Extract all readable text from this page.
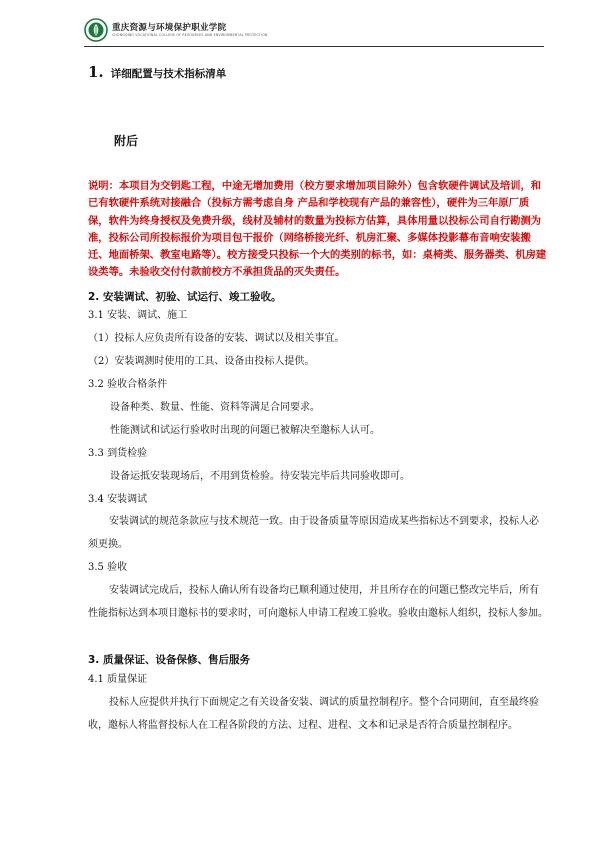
重庆资源与环境保护职业学院
CHONGQING VOCATIONAL COLLEGE OF RESOURCES AND ENVIRONMENTAL PROTECTION
1. 详细配置与技术指标清单
附后
说明：本项目为交钥匙工程，中途无增加费用（校方要求增加项目除外）包含软硬件调试及培训，和已有软硬件系统对接融合（投标方需考虑自身 产品和学校现有产品的兼容性），硬件为三年原厂质保，软件为终身授权及免费升级，线材及辅材的数量为投标方估算，具体用量以投标公司自行勘测为准，投标公司所投标报价为项目包干报价（网络桥接光纤、机房汇聚、多媒体投影幕布音响安装搬迁、地面桥架、教室电路等）。校方接受只投标一个大的类别的标书，如：桌椅类、服务器类、机房建设类等。未验收交付付款前校方不承担货品的灭失责任。
2. 安装调试、初验、试运行、竣工验收。
3.1 安装、调试、施工
（1）投标人应负责所有设备的安装、调试以及相关事宜。
（2）安装调测时使用的工具、设备由投标人提供。
3.2 验收合格条件
设备种类、数量、性能、资料等满足合同要求。
性能测试和试运行验收时出现的问题已被解决至邀标人认可。
3.3 到货检验
设备运抵安装现场后，不用到货检验。待安装完毕后共同验收即可。
3.4 安装调试
安装调试的规范条款应与技术规范一致。由于设备质量等原因造成某些指标达不到要求，投标人必须更换。
3.5 验收
安装调试完成后，投标人确认所有设备均已顺利通过使用，并且所存在的问题已整改完毕后，所有性能指标达到本项目邀标书的要求时，可向邀标人申请工程竣工验收。验收由邀标人组织，投标人参加。
3. 质量保证、设备保修、售后服务
4.1 质量保证
投标人应提供并执行下面规定之有关设备安装、调试的质量控制程序。整个合同期间，直至最终验收，邀标人将监督投标人在工程各阶段的方法、过程、进程、文本和记录是否符合质量控制程序。
